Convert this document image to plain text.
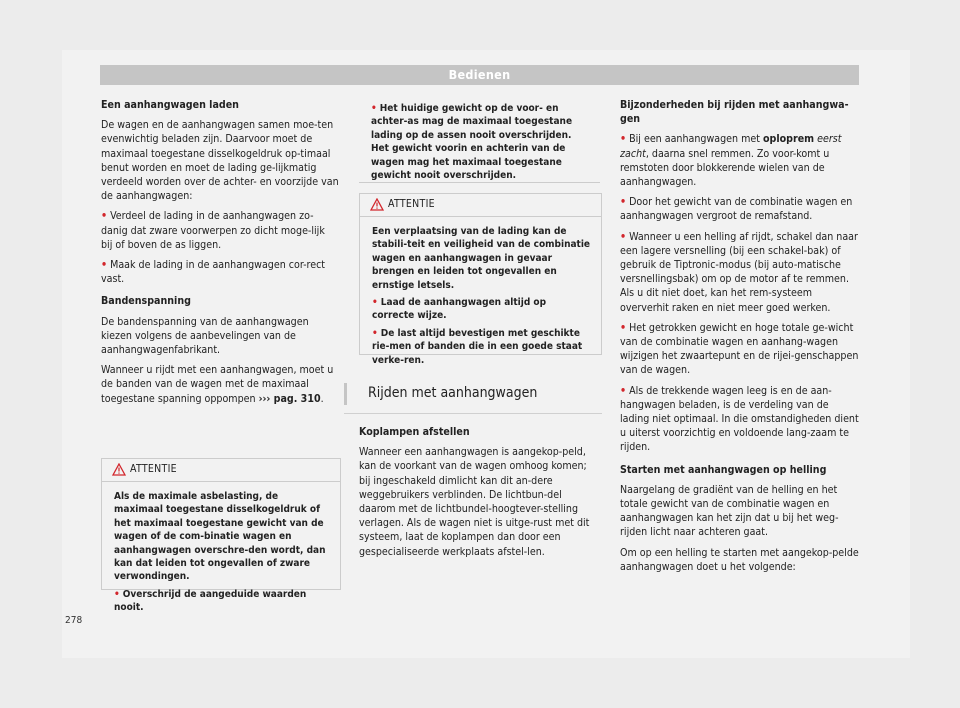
Bedienen

Een aanhangwagen laden

De wagen en de aanhangwagen samen moe-ten evenwichtig beladen zijn. Daarvoor moet de maximaal toegestane disselkogeldruk op-timaal benut worden en moet de lading ge-lijkmatig verdeeld worden over de achter- en voorzijde van de aanhangwagen:

• Verdeel de lading in de aanhangwagen zo-danig dat zware voorwerpen zo dicht moge-lijk bij of boven de as liggen.

• Maak de lading in de aanhangwagen cor-rect vast.

Bandenspanning

De bandenspanning van de aanhangwagen kiezen volgens de aanbevelingen van de aanhangwagenfabrikant.

Wanneer u rijdt met een aanhangwagen, moet u de banden van de wagen met de maximaal toegestane spanning oppompen ››› pag. 310.

ATTENTIE

Als de maximale asbelasting, de maximaal toegestane disselkogeldruk of het maximaal toegestane gewicht van de wagen of de com-binatie wagen en aanhangwagen overschre-den wordt, dan kan dat leiden tot ongevallen of zware verwondingen.

• Overschrijd de aangeduide waarden nooit.

• Het huidige gewicht op de voor- en achter-as mag de maximaal toegestane lading op de assen nooit overschrijden. Het gewicht voorin en achterin van de wagen mag het maximaal toegestane gewicht nooit overschrijden.

ATTENTIE

Een verplaatsing van de lading kan de stabili-teit en veiligheid van de combinatie wagen en aanhangwagen in gevaar brengen en leiden tot ongevallen en ernstige letsels.

• Laad de aanhangwagen altijd op correcte wijze.

• De last altijd bevestigen met geschikte rie-men of banden die in een goede staat verke-ren.

Rijden met aanhangwagen

Koplampen afstellen

Wanneer een aanhangwagen is aangekop-peld, kan de voorkant van de wagen omhoog komen; bij ingeschakeld dimlicht kan dit an-dere weggebruikers verblinden. De lichtbun-del daarom met de lichtbundel-hoogtever-stelling verlagen. Als de wagen niet is uitge-rust met dit systeem, laat de koplampen dan door een gespecialiseerde werkplaats afstel-len.

Bijzonderheden bij rijden met aanhangwa-gen

• Bij een aanhangwagen met oploprem eerst zacht, daarna snel remmen. Zo voor-komt u remstoten door blokkerende wielen van de aanhangwagen.

• Door het gewicht van de combinatie wagen en aanhangwagen vergroot de remafstand.

• Wanneer u een helling af rijdt, schakel dan naar een lagere versnelling (bij een schakel-bak) of gebruik de Tiptronic-modus (bij auto-matische versnellingsbak) om op de motor af te remmen. Als u dit niet doet, kan het rem-systeem oververhit raken en niet meer goed werken.

• Het getrokken gewicht en hoge totale ge-wicht van de combinatie wagen en aanhang-wagen wijzigen het zwaartepunt en de rijei-genschappen van de wagen.

• Als de trekkende wagen leeg is en de aan-hangwagen beladen, is de verdeling van de lading niet optimaal. In die omstandigheden dient u uiterst voorzichtig en voldoende lang-zaam te rijden.

Starten met aanhangwagen op helling

Naargelang de gradiënt van de helling en het totale gewicht van de combinatie wagen en aanhangwagen kan het zijn dat u bij het weg-rijden licht naar achteren gaat.

Om op een helling te starten met aangekop-pelde aanhangwagen doet u het volgende:

278
